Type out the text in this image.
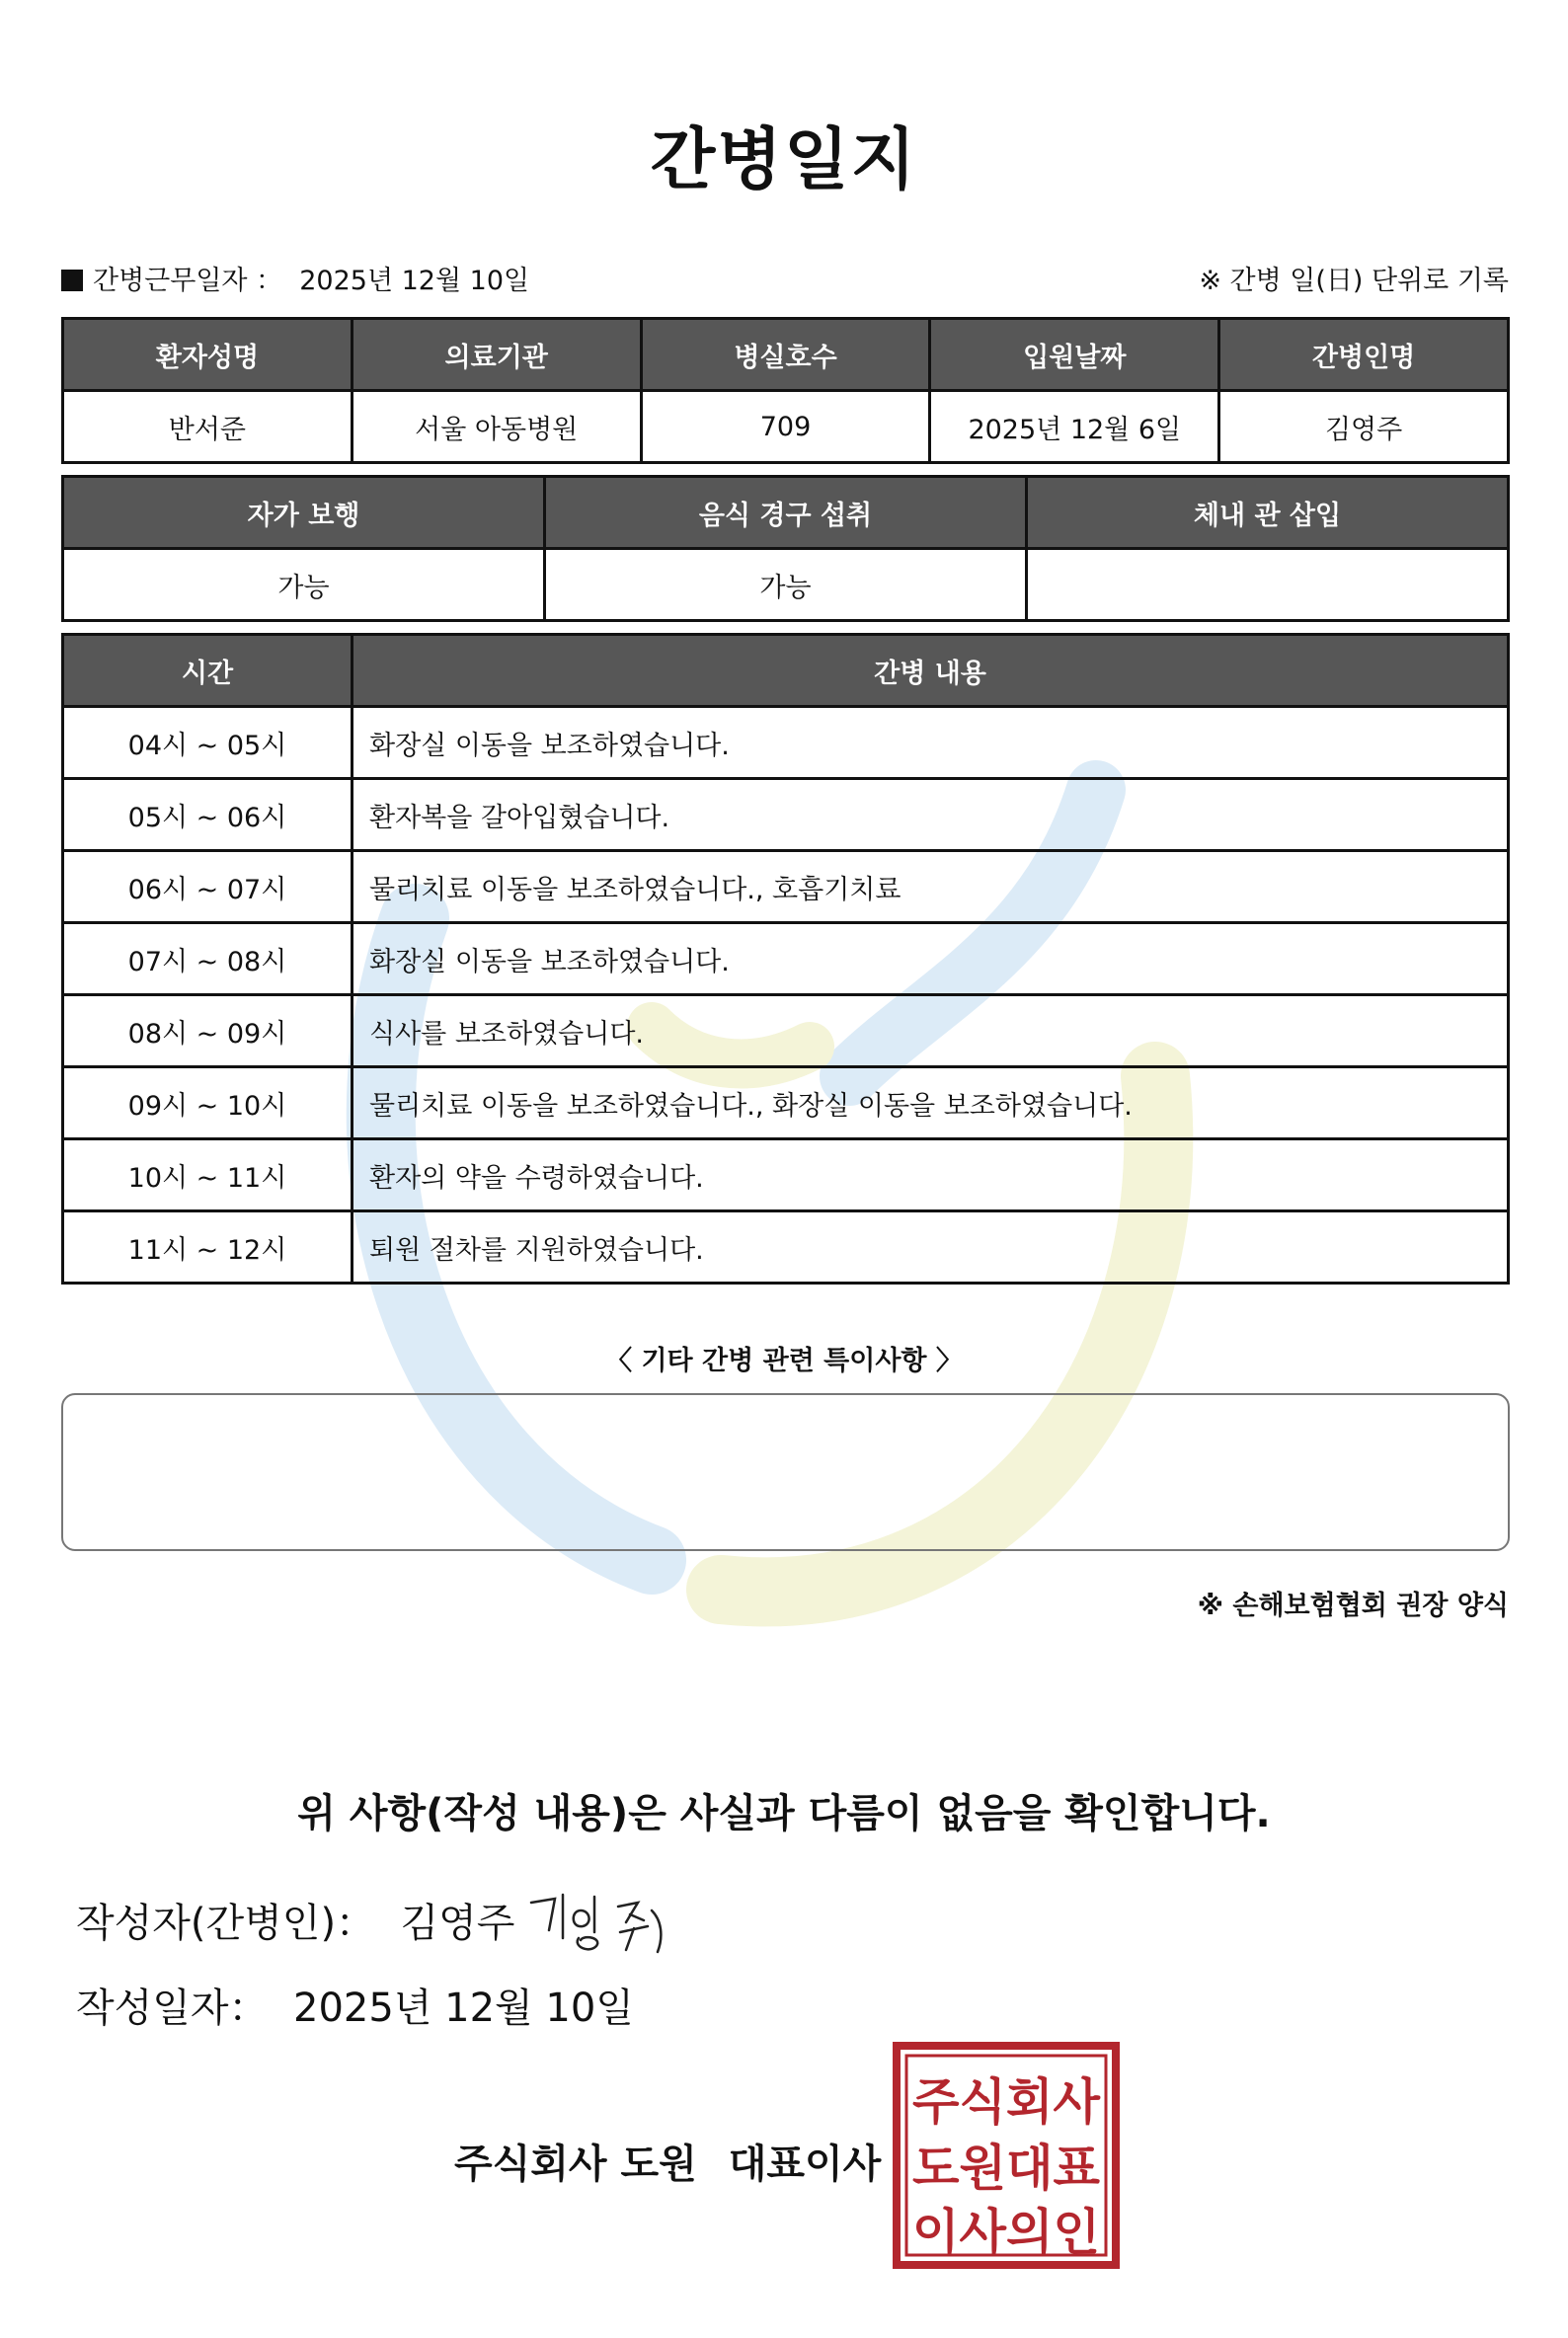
간병일지
간병근무일자 ： 2025년 12월 10일	※ 간병 일(日) 단위로 기록
환자성명	의료기관	병실호수	입원날짜	간병인명
반서준	서울 아동병원	709	2025년 12월 6일	김영주
자가 보행	음식 경구 섭취	체내 관 삽입
가능	가능	
시간	간병 내용
04시 ~ 05시	화장실 이동을 보조하였습니다.
05시 ~ 06시	환자복을 갈아입혔습니다.
06시 ~ 07시	물리치료 이동을 보조하였습니다., 호흡기치료
07시 ~ 08시	화장실 이동을 보조하였습니다.
08시 ~ 09시	식사를 보조하였습니다.
09시 ~ 10시	물리치료 이동을 보조하였습니다., 화장실 이동을 보조하였습니다.
10시 ~ 11시	환자의 약을 수령하였습니다.
11시 ~ 12시	퇴원 절차를 지원하였습니다.
〈 기타 간병 관련 특이사항 〉
※ 손해보험협회 권장 양식
위 사항(작성 내용)은 사실과 다름이 없음을 확인합니다.
작성자(간병인)： 김영주
작성일자： 2025년 12월 10일
주식회사 도원 대표이사
주식회사
도원대표
이사의인
